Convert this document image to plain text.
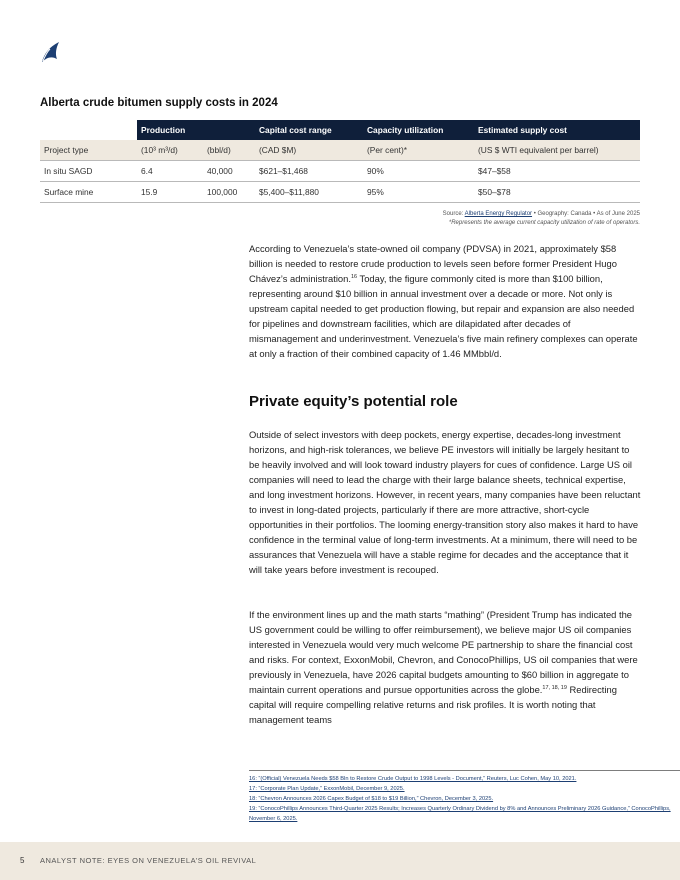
Alberta crude bitumen supply costs in 2024
	Production		Capital cost range	Capacity utilization	Estimated supply cost
Project type	(10³ m³/d)	(bbl/d)	(CAD $M)	(Per cent)*	(US $ WTI equivalent per barrel)
In situ SAGD	6.4	40,000	$621–$1,468	90%	$47–$58
Surface mine	15.9	100,000	$5,400–$11,880	95%	$50–$78
Source: Alberta Energy Regulator • Geography: Canada • As of June 2025
*Represents the average current capacity utilization of rate of operators.

According to Venezuela’s state-owned oil company (PDVSA) in 2021, approximately $58 billion is needed to restore crude production to levels seen before former President Hugo Chávez’s administration.$^{16}$ Today, the figure commonly cited is more than $100 billion, representing around $10 billion in annual investment over a decade or more. Not only is upstream capital needed to get production flowing, but repair and expansion are also needed for pipelines and downstream facilities, which are dilapidated after decades of mismanagement and underinvestment. Venezuela’s five main refinery complexes can operate at only a fraction of their combined capacity of 1.46 MMbbl/d.

Private equity’s potential role

Outside of select investors with deep pockets, energy expertise, decades-long investment horizons, and high-risk tolerances, we believe PE investors will initially be largely hesitant to be heavily involved and will look toward industry players for cues of confidence. Large US oil companies will need to lead the charge with their large balance sheets, technical expertise, and long investment horizons. However, in recent years, many companies have been reluctant to invest in long-dated projects, particularly if there are more attractive, short-cycle opportunities in their portfolios. The looming energy-transition story also makes it hard to have confidence in the terminal value of long-term investments. At a minimum, there will need to be assurances that Venezuela will have a stable regime for decades and the acceptance that it will take years before investment is recouped.

If the environment lines up and the math starts “mathing” (President Trump has indicated the US government could be willing to offer reimbursement), we believe major US oil companies interested in Venezuela would very much welcome PE partnership to share the financial cost and risks. For context, ExxonMobil, Chevron, and ConocoPhillips, US oil companies that were previously in Venezuela, have 2026 capital budgets amounting to $60 billion in aggregate to maintain current operations and pursue opportunities across the globe.$^{17, 18, 19}$ Redirecting capital will require compelling relative returns and risk profiles. It is worth noting that management teams

16: “(Official) Venezuela Needs $58 Bln to Restore Crude Output to 1998 Levels - Document,” Reuters, Luc Cohen, May 10, 2021.
17: “Corporate Plan Update,” ExxonMobil, December 9, 2025.
18: “Chevron Announces 2026 Capex Budget of $18 to $19 Billion,” Chevron, December 3, 2025.
19: “ConocoPhillips Announces Third-Quarter 2025 Results; Increases Quarterly Ordinary Dividend by 8% and Announces Preliminary 2026 Guidance,” ConocoPhillips, November 6, 2025.
5 ANALYST NOTE: EYES ON VENEZUELA’S OIL REVIVAL
